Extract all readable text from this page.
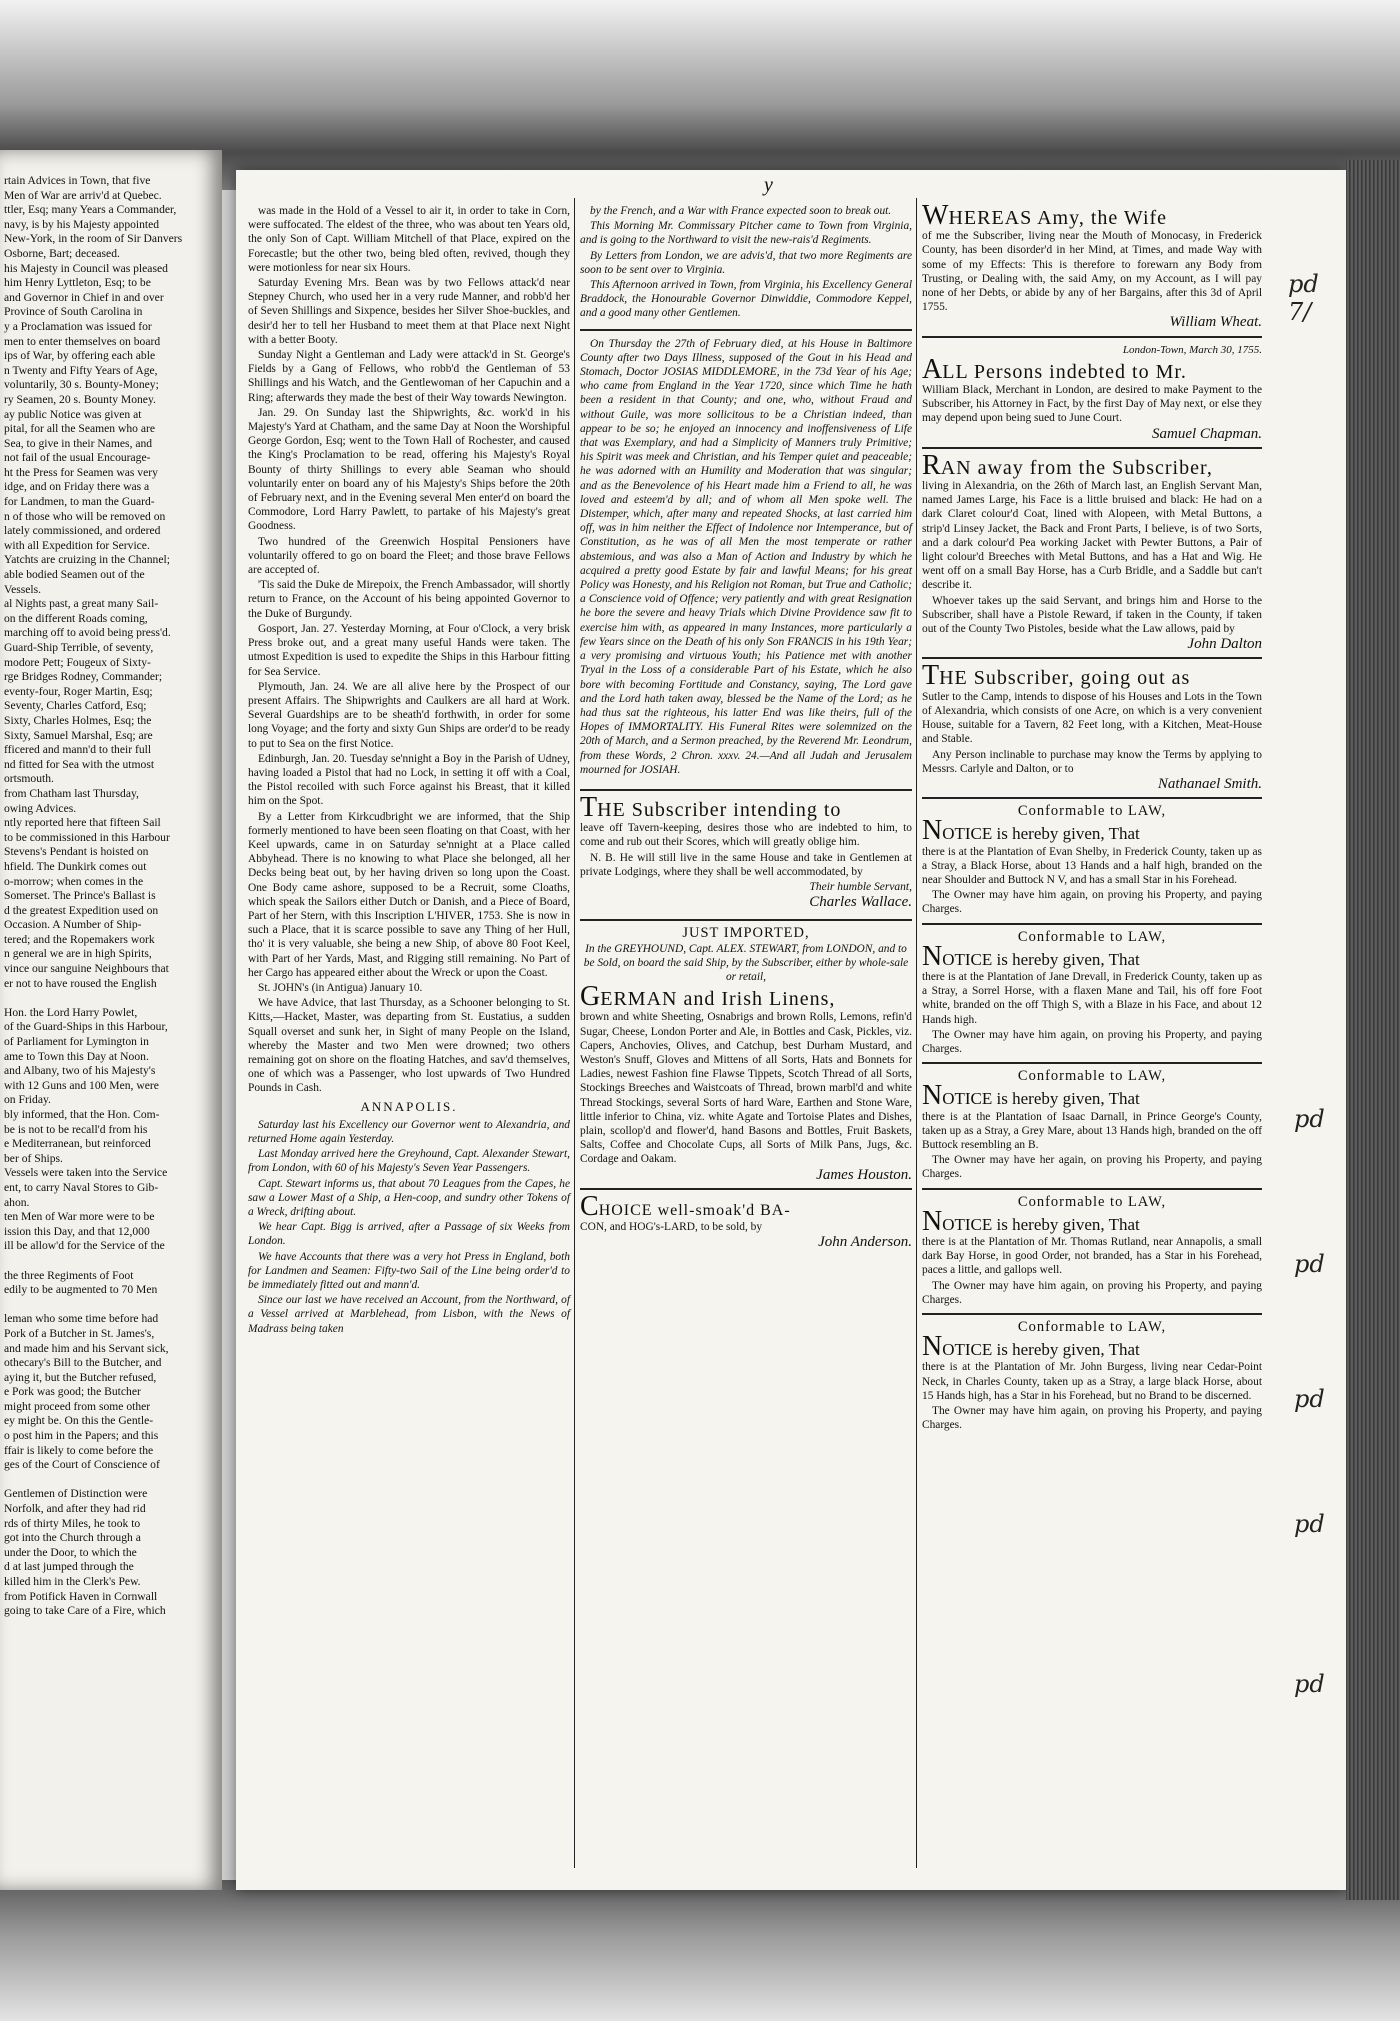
rtain Advices in Town, that five

Men of War are arriv'd at Quebec.

ttler, Esq; many Years a Commander,

navy, is by his Majesty appointed

New-York, in the room of Sir Danvers

Osborne, Bart; deceased.

his Majesty in Council was pleased

him Henry Lyttleton, Esq; to be

and Governor in Chief in and over

Province of South Carolina in

y a Proclamation was issued for

men to enter themselves on board

ips of War, by offering each able

n Twenty and Fifty Years of Age,

voluntarily, 30 s. Bounty-Money;

ry Seamen, 20 s. Bounty Money.

ay public Notice was given at

pital, for all the Seamen who are

Sea, to give in their Names, and

not fail of the usual Encourage-

ht the Press for Seamen was very

idge, and on Friday there was a

for Landmen, to man the Guard-

n of those who will be removed on

lately commissioned, and ordered

with all Expedition for Service.

Yatchts are cruizing in the Channel;

able bodied Seamen out of the

Vessels.

al Nights past, a great many Sail-

on the different Roads coming,

marching off to avoid being press'd.

Guard-Ship Terrible, of seventy,

modore Pett; Fougeux of Sixty-

rge Bridges Rodney, Commander;

eventy-four, Roger Martin, Esq;

Seventy, Charles Catford, Esq;

Sixty, Charles Holmes, Esq; the

Sixty, Samuel Marshal, Esq; are

fficered and mann'd to their full

nd fitted for Sea with the utmost

ortsmouth.

from Chatham last Thursday,

owing Advices.

ntly reported here that fifteen Sail

to be commissioned in this Harbour

Stevens's Pendant is hoisted on

hfield. The Dunkirk comes out

o-morrow; when comes in the

Somerset. The Prince's Ballast is

d the greatest Expedition used on

Occasion. A Number of Ship-

tered; and the Ropemakers work

n general we are in high Spirits,

vince our sanguine Neighbours that

er not to have roused the English

Hon. the Lord Harry Powlet,

of the Guard-Ships in this Harbour,

of Parliament for Lymington in

ame to Town this Day at Noon.

and Albany, two of his Majesty's

with 12 Guns and 100 Men, were

on Friday.

bly informed, that the Hon. Com-

be is not to be recall'd from his

e Mediterranean, but reinforced

ber of Ships.

Vessels were taken into the Service

ent, to carry Naval Stores to Gib-

ahon.

ten Men of War more were to be

ission this Day, and that 12,000

ill be allow'd for the Service of the

the three Regiments of Foot

edily to be augmented to 70 Men

leman who some time before had

Pork of a Butcher in St. James's,

and made him and his Servant sick,

othecary's Bill to the Butcher, and

aying it, but the Butcher refused,

e Pork was good; the Butcher

might proceed from some other

ey might be. On this the Gentle-

o post him in the Papers; and this

ffair is likely to come before the

ges of the Court of Conscience of

Gentlemen of Distinction were

Norfolk, and after they had rid

rds of thirty Miles, he took to

got into the Church through a

under the Door, to which the

d at last jumped through the

killed him in the Clerk's Pew.

from Potifick Haven in Cornwall

going to take Care of a Fire, which

y

was made in the Hold of a Vessel to air it, in order to take in Corn, were suffocated. The eldest of the three, who was about ten Years old, the only Son of Capt. William Mitchell of that Place, expired on the Forecastle; but the other two, being bled often, revived, though they were motionless for near six Hours.

Saturday Evening Mrs. Bean was by two Fellows attack'd near Stepney Church, who used her in a very rude Manner, and robb'd her of Seven Shillings and Sixpence, besides her Silver Shoe-buckles, and desir'd her to tell her Husband to meet them at that Place next Night with a better Booty.

Sunday Night a Gentleman and Lady were attack'd in St. George's Fields by a Gang of Fellows, who robb'd the Gentleman of 53 Shillings and his Watch, and the Gentlewoman of her Capuchin and a Ring; afterwards they made the best of their Way towards Newington.

Jan. 29. On Sunday last the Shipwrights, &c. work'd in his Majesty's Yard at Chatham, and the same Day at Noon the Worshipful George Gordon, Esq; went to the Town Hall of Rochester, and caused the King's Proclamation to be read, offering his Majesty's Royal Bounty of thirty Shillings to every able Seaman who should voluntarily enter on board any of his Majesty's Ships before the 20th of February next, and in the Evening several Men enter'd on board the Commodore, Lord Harry Pawlett, to partake of his Majesty's great Goodness.

Two hundred of the Greenwich Hospital Pensioners have voluntarily offered to go on board the Fleet; and those brave Fellows are accepted of.

'Tis said the Duke de Mirepoix, the French Ambassador, will shortly return to France, on the Account of his being appointed Governor to the Duke of Burgundy.

Gosport, Jan. 27. Yesterday Morning, at Four o'Clock, a very brisk Press broke out, and a great many useful Hands were taken. The utmost Expedition is used to expedite the Ships in this Harbour fitting for Sea Service.

Plymouth, Jan. 24. We are all alive here by the Prospect of our present Affairs. The Shipwrights and Caulkers are all hard at Work. Several Guardships are to be sheath'd forthwith, in order for some long Voyage; and the forty and sixty Gun Ships are order'd to be ready to put to Sea on the first Notice.

Edinburgh, Jan. 20. Tuesday se'nnight a Boy in the Parish of Udney, having loaded a Pistol that had no Lock, in setting it off with a Coal, the Pistol recoiled with such Force against his Breast, that it killed him on the Spot.

By a Letter from Kirkcudbright we are informed, that the Ship formerly mentioned to have been seen floating on that Coast, with her Keel upwards, came in on Saturday se'nnight at a Place called Abbyhead. There is no knowing to what Place she belonged, all her Decks being beat out, by her having driven so long upon the Coast. One Body came ashore, supposed to be a Recruit, some Cloaths, which speak the Sailors either Dutch or Danish, and a Piece of Board, Part of her Stern, with this Inscription L'HIVER, 1753. She is now in such a Place, that it is scarce possible to save any Thing of her Hull, tho' it is very valuable, she being a new Ship, of above 80 Foot Keel, with Part of her Yards, Mast, and Rigging still remaining. No Part of her Cargo has appeared either about the Wreck or upon the Coast.

St. JOHN's (in Antigua) January 10.

We have Advice, that last Thursday, as a Schooner belonging to St. Kitts,—Hacket, Master, was departing from St. Eustatius, a sudden Squall overset and sunk her, in Sight of many People on the Island, whereby the Master and two Men were drowned; two others remaining got on shore on the floating Hatches, and sav'd themselves, one of which was a Passenger, who lost upwards of Two Hundred Pounds in Cash.

ANNAPOLIS.

Saturday last his Excellency our Governor went to Alexandria, and returned Home again Yesterday.

Last Monday arrived here the Greyhound, Capt. Alexander Stewart, from London, with 60 of his Majesty's Seven Year Passengers.

Capt. Stewart informs us, that about 70 Leagues from the Capes, he saw a Lower Mast of a Ship, a Hen-coop, and sundry other Tokens of a Wreck, drifting about.

We hear Capt. Bigg is arrived, after a Passage of six Weeks from London.

We have Accounts that there was a very hot Press in England, both for Landmen and Seamen: Fifty-two Sail of the Line being order'd to be immediately fitted out and mann'd.

Since our last we have received an Account, from the Northward, of a Vessel arrived at Marblehead, from Lisbon, with the News of Madrass being taken

by the French, and a War with France expected soon to break out.

This Morning Mr. Commissary Pitcher came to Town from Virginia, and is going to the Northward to visit the new-rais'd Regiments.

By Letters from London, we are advis'd, that two more Regiments are soon to be sent over to Virginia.

This Afternoon arrived in Town, from Virginia, his Excellency General Braddock, the Honourable Governor Dinwiddie, Commodore Keppel, and a good many other Gentlemen.

On Thursday the 27th of February died, at his House in Baltimore County after two Days Illness, supposed of the Gout in his Head and Stomach, Doctor JOSIAS MIDDLEMORE, in the 73d Year of his Age; who came from England in the Year 1720, since which Time he hath been a resident in that County; and one, who, without Fraud and without Guile, was more sollicitous to be a Christian indeed, than appear to be so; he enjoyed an innocency and inoffensiveness of Life that was Exemplary, and had a Simplicity of Manners truly Primitive; his Spirit was meek and Christian, and his Temper quiet and peaceable; he was adorned with an Humility and Moderation that was singular; and as the Benevolence of his Heart made him a Friend to all, he was loved and esteem'd by all; and of whom all Men spoke well. The Distemper, which, after many and repeated Shocks, at last carried him off, was in him neither the Effect of Indolence nor Intemperance, but of Constitution, as he was of all Men the most temperate or rather abstemious, and was also a Man of Action and Industry by which he acquired a pretty good Estate by fair and lawful Means; for his great Policy was Honesty, and his Religion not Roman, but True and Catholic; a Conscience void of Offence; very patiently and with great Resignation he bore the severe and heavy Trials which Divine Providence saw fit to exercise him with, as appeared in many Instances, more particularly a few Years since on the Death of his only Son FRANCIS in his 19th Year; a very promising and virtuous Youth; his Patience met with another Tryal in the Loss of a considerable Part of his Estate, which he also bore with becoming Fortitude and Constancy, saying, The Lord gave and the Lord hath taken away, blessed be the Name of the Lord; as he had thus sat the righteous, his latter End was like theirs, full of the Hopes of IMMORTALITY. His Funeral Rites were solemnized on the 20th of March, and a Sermon preached, by the Reverend Mr. Leondrum, from these Words, 2 Chron. xxxv. 24.—And all Judah and Jerusalem mourned for JOSIAH.

THE Subscriber intending to

leave off Tavern-keeping, desires those who are indebted to him, to come and rub out their Scores, which will greatly oblige him.

N. B. He will still live in the same House and take in Gentlemen at private Lodgings, where they shall be well accommodated, by

Their humble Servant,

Charles Wallace.

JUST IMPORTED,

In the GREYHOUND, Capt. ALEX. STEWART, from LONDON, and to be Sold, on board the said Ship, by the Subscriber, either by whole-sale or retail,

GERMAN and Irish Linens,

brown and white Sheeting, Osnabrigs and brown Rolls, Lemons, refin'd Sugar, Cheese, London Porter and Ale, in Bottles and Cask, Pickles, viz. Capers, Anchovies, Olives, and Catchup, best Durham Mustard, and Weston's Snuff, Gloves and Mittens of all Sorts, Hats and Bonnets for Ladies, newest Fashion fine Flawse Tippets, Scotch Thread of all Sorts, Stockings Breeches and Waistcoats of Thread, brown marbl'd and white Thread Stockings, several Sorts of hard Ware, Earthen and Stone Ware, little inferior to China, viz. white Agate and Tortoise Plates and Dishes, plain, scollop'd and flower'd, hand Basons and Bottles, Fruit Baskets, Salts, Coffee and Chocolate Cups, all Sorts of Milk Pans, Jugs, &c. Cordage and Oakam.

James Houston.

CHOICE well-smoak'd BA-

CON, and HOG's-LARD, to be sold, by

John Anderson.

WHEREAS Amy, the Wife

of me the Subscriber, living near the Mouth of Monocasy, in Frederick County, has been disorder'd in her Mind, at Times, and made Way with some of my Effects: This is therefore to forewarn any Body from Trusting, or Dealing with, the said Amy, on my Account, as I will pay none of her Debts, or abide by any of her Bargains, after this 3d of April 1755.

William Wheat.

London-Town, March 30, 1755.

ALL Persons indebted to Mr.

William Black, Merchant in London, are desired to make Payment to the Subscriber, his Attorney in Fact, by the first Day of May next, or else they may depend upon being sued to June Court.

Samuel Chapman.

RAN away from the Subscriber,

living in Alexandria, on the 26th of March last, an English Servant Man, named James Large, his Face is a little bruised and black: He had on a dark Claret colour'd Coat, lined with Alopeen, with Metal Buttons, a strip'd Linsey Jacket, the Back and Front Parts, I believe, is of two Sorts, and a dark colour'd Pea working Jacket with Pewter Buttons, a Pair of light colour'd Breeches with Metal Buttons, and has a Hat and Wig. He went off on a small Bay Horse, has a Curb Bridle, and a Saddle but can't describe it.

Whoever takes up the said Servant, and brings him and Horse to the Subscriber, shall have a Pistole Reward, if taken in the County, if taken out of the County Two Pistoles, beside what the Law allows, paid by

John Dalton

THE Subscriber, going out as

Sutler to the Camp, intends to dispose of his Houses and Lots in the Town of Alexandria, which consists of one Acre, on which is a very convenient House, suitable for a Tavern, 82 Feet long, with a Kitchen, Meat-House and Stable.

Any Person inclinable to purchase may know the Terms by applying to Messrs. Carlyle and Dalton, or to

Nathanael Smith.

Conformable to LAW,

NOTICE is hereby given, That

there is at the Plantation of Evan Shelby, in Frederick County, taken up as a Stray, a Black Horse, about 13 Hands and a half high, branded on the near Shoulder and Buttock N V, and has a small Star in his Forehead.

The Owner may have him again, on proving his Property, and paying Charges.

Conformable to LAW,

NOTICE is hereby given, That

there is at the Plantation of Jane Drevall, in Frederick County, taken up as a Stray, a Sorrel Horse, with a flaxen Mane and Tail, his off fore Foot white, branded on the off Thigh S, with a Blaze in his Face, and about 12 Hands high.

The Owner may have him again, on proving his Property, and paying Charges.

Conformable to LAW,

NOTICE is hereby given, That

there is at the Plantation of Isaac Darnall, in Prince George's County, taken up as a Stray, a Grey Mare, about 13 Hands high, branded on the off Buttock resembling an B.

The Owner may have her again, on proving his Property, and paying Charges.

Conformable to LAW,

NOTICE is hereby given, That

there is at the Plantation of Mr. Thomas Rutland, near Annapolis, a small dark Bay Horse, in good Order, not branded, has a Star in his Forehead, paces a little, and gallops well.

The Owner may have him again, on proving his Property, and paying Charges.

Conformable to LAW,

NOTICE is hereby given, That

there is at the Plantation of Mr. John Burgess, living near Cedar-Point Neck, in Charles County, taken up as a Stray, a large black Horse, about 15 Hands high, has a Star in his Forehead, but no Brand to be discerned.

The Owner may have him again, on proving his Property, and paying Charges.

pd 7/
pd
pd
pd
pd
pd
